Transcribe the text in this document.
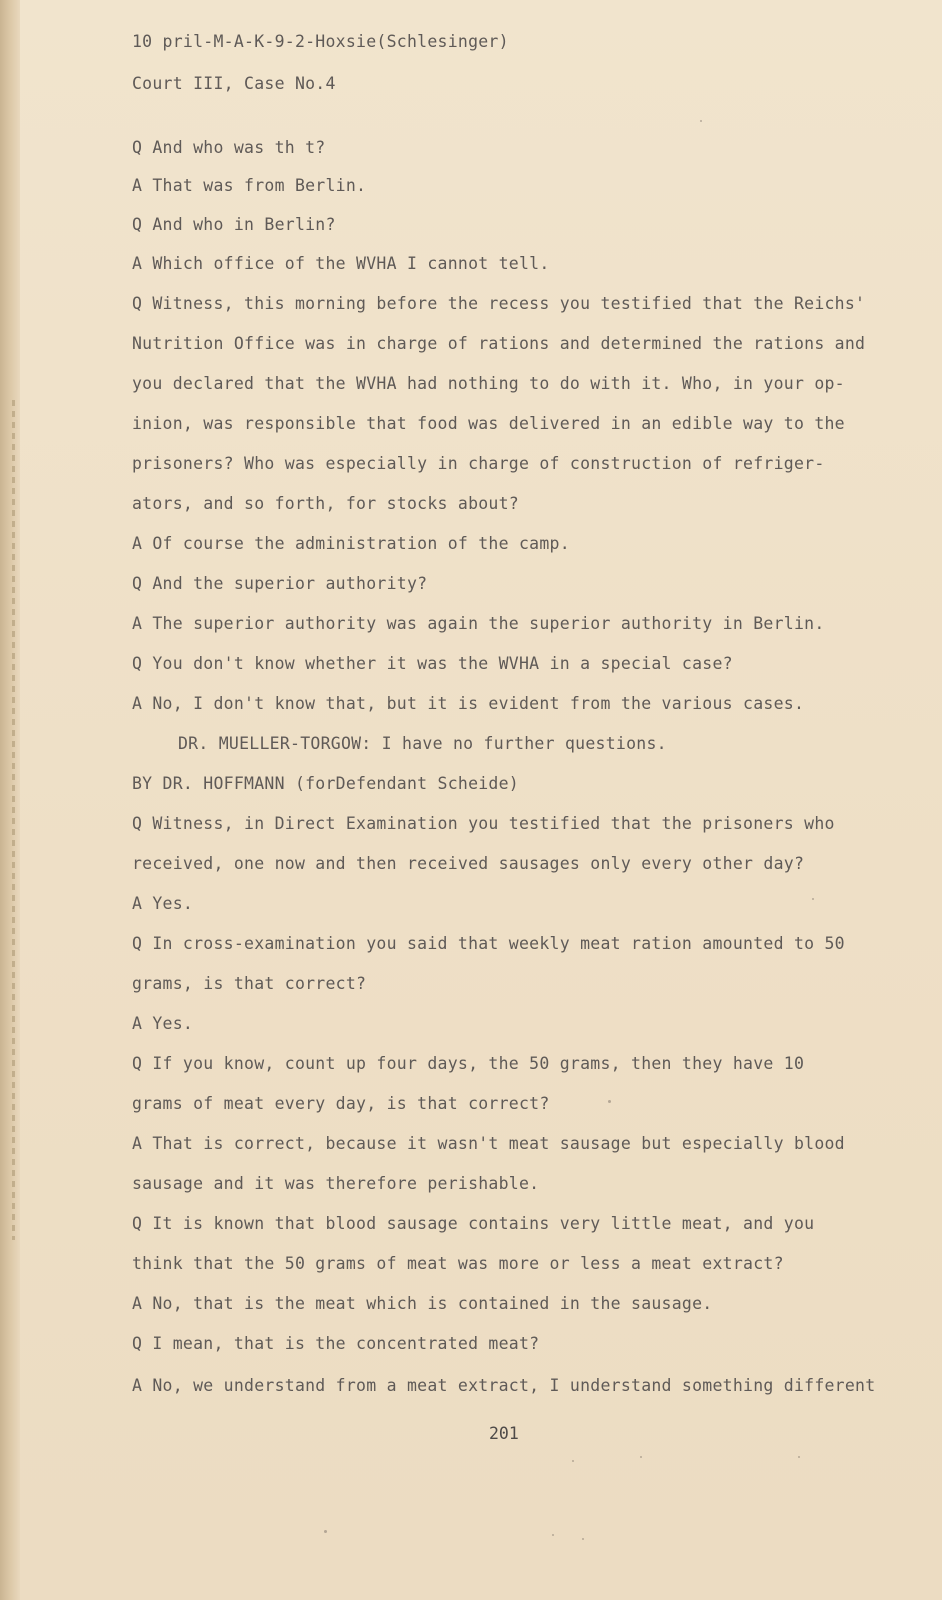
10 pril-M-A-K-9-2-Hoxsie(Schlesinger)
Court III, Case No.4
Q And who was th t?
A That was from Berlin.
Q And who in Berlin?
A Which office of the WVHA I cannot tell.
Q Witness, this morning before the recess you testified that the Reichs'
Nutrition Office was in charge of rations and determined the rations and
you declared that the WVHA had nothing to do with it. Who, in your op-
inion, was responsible that food was delivered in an edible way to the
prisoners? Who was especially in charge of construction of refriger-
ators, and so forth, for stocks about?
A Of course the administration of the camp.
Q And the superior authority?
A The superior authority was again the superior authority in Berlin.
Q You don't know whether it was the WVHA in a special case?
A No, I don't know that, but it is evident from the various cases.
DR. MUELLER-TORGOW: I have no further questions.
BY DR. HOFFMANN (forDefendant Scheide)
Q Witness, in Direct Examination you testified that the prisoners who
received, one now and then received sausages only every other day?
A Yes.
Q In cross-examination you said that weekly meat ration amounted to 50
grams, is that correct?
A Yes.
Q If you know, count up four days, the 50 grams, then they have 10
grams of meat every day, is that correct?
A That is correct, because it wasn't meat sausage but especially blood
sausage and it was therefore perishable.
Q It is known that blood sausage contains very little meat, and you
think that the 50 grams of meat was more or less a meat extract?
A No, that is the meat which is contained in the sausage.
Q I mean, that is the concentrated meat?
A No, we understand from a meat extract, I understand something different
201
